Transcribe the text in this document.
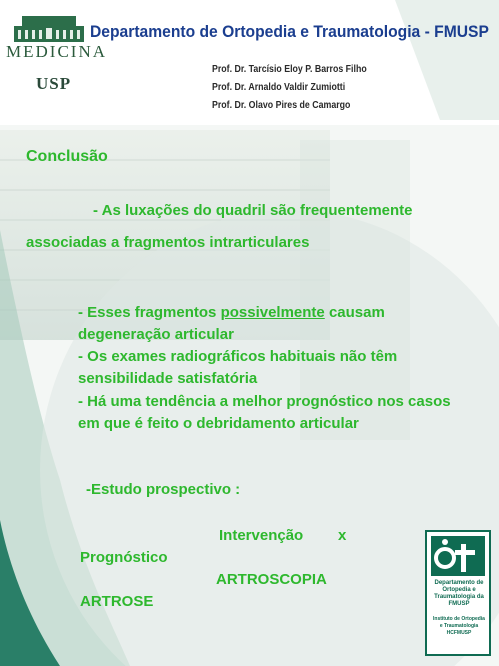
MEDICINA
USP
Departamento de Ortopedia e Traumatologia - FMUSP
Prof. Dr. Tarcísio Eloy P. Barros Filho
Prof. Dr. Arnaldo Valdir Zumiotti
Prof. Dr. Olavo Pires de Camargo
Conclusão
- As luxações do quadril são frequentemente
associadas a fragmentos intrarticulares
- Esses fragmentos possivelmente causam
degeneração articular
- Os exames radiográficos habituais não têm
sensibilidade satisfatória
- Há uma tendência a melhor prognóstico nos casos
em que é feito o debridamento articular
-Estudo prospectivo :
Intervenção x
Prognóstico
ARTROSCOPIA
ARTROSE
Departamento de
Ortopedia e
Traumatologia da
FMUSP
Instituto de Ortopedia
e Traumatologia
HCFMUSP
